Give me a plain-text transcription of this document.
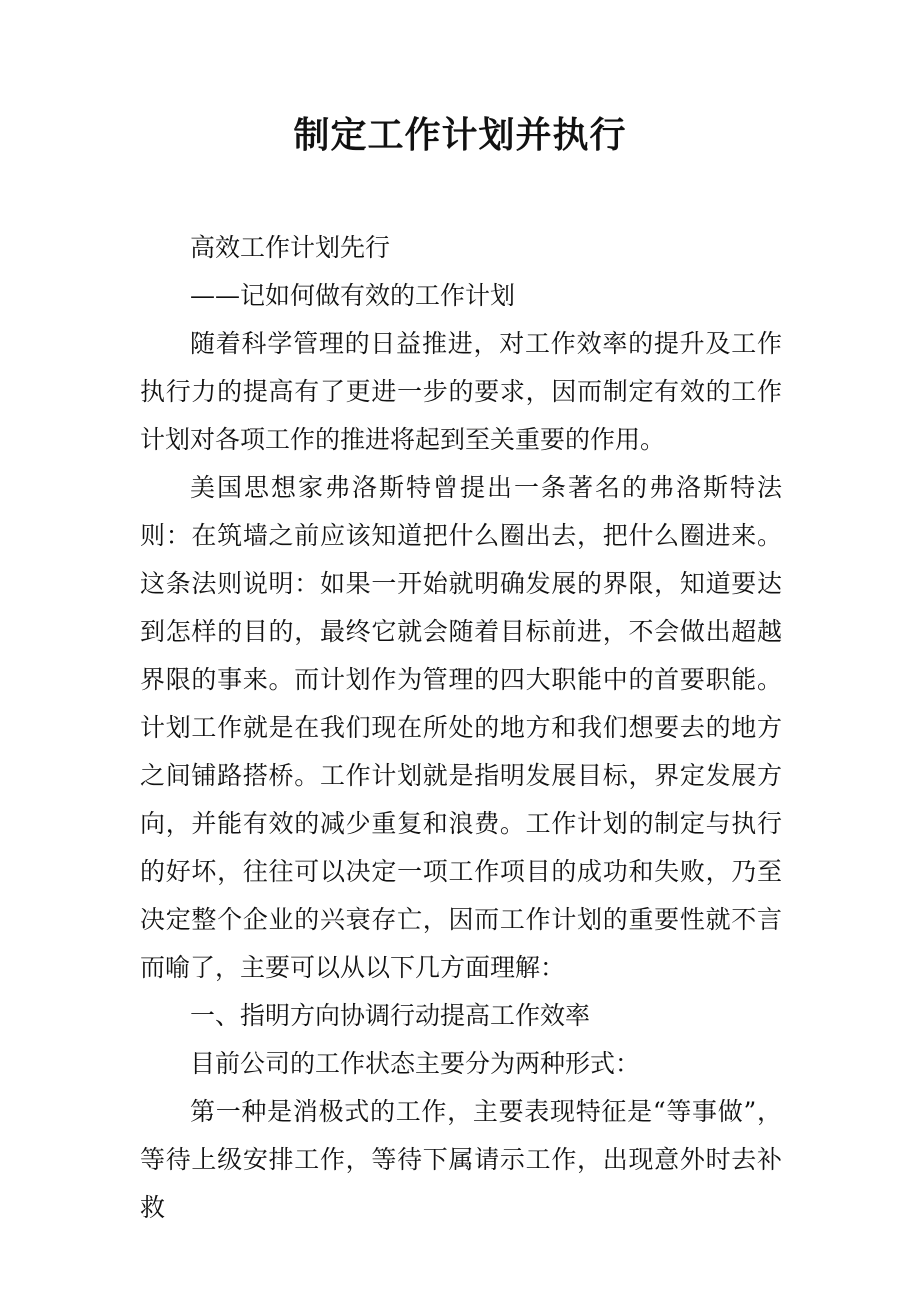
制定工作计划并执行

高效工作计划先行

——记如何做有效的工作计划

随着科学管理的日益推进，对工作效率的提升及工作执行力的提高有了更进一步的要求，因而制定有效的工作计划对各项工作的推进将起到至关重要的作用。

美国思想家弗洛斯特曾提出一条著名的弗洛斯特法则：在筑墙之前应该知道把什么圈出去，把什么圈进来。这条法则说明：如果一开始就明确发展的界限，知道要达到怎样的目的，最终它就会随着目标前进，不会做出超越界限的事来。而计划作为管理的四大职能中的首要职能。计划工作就是在我们现在所处的地方和我们想要去的地方之间铺路搭桥。工作计划就是指明发展目标，界定发展方向，并能有效的减少重复和浪费。工作计划的制定与执行的好坏，往往可以决定一项工作项目的成功和失败，乃至决定整个企业的兴衰存亡，因而工作计划的重要性就不言而喻了，主要可以从以下几方面理解：

一、指明方向协调行动提高工作效率

目前公司的工作状态主要分为两种形式：

第一种是消极式的工作，主要表现特征是“等事做”，等待上级安排工作，等待下属请示工作，出现意外时去补救
